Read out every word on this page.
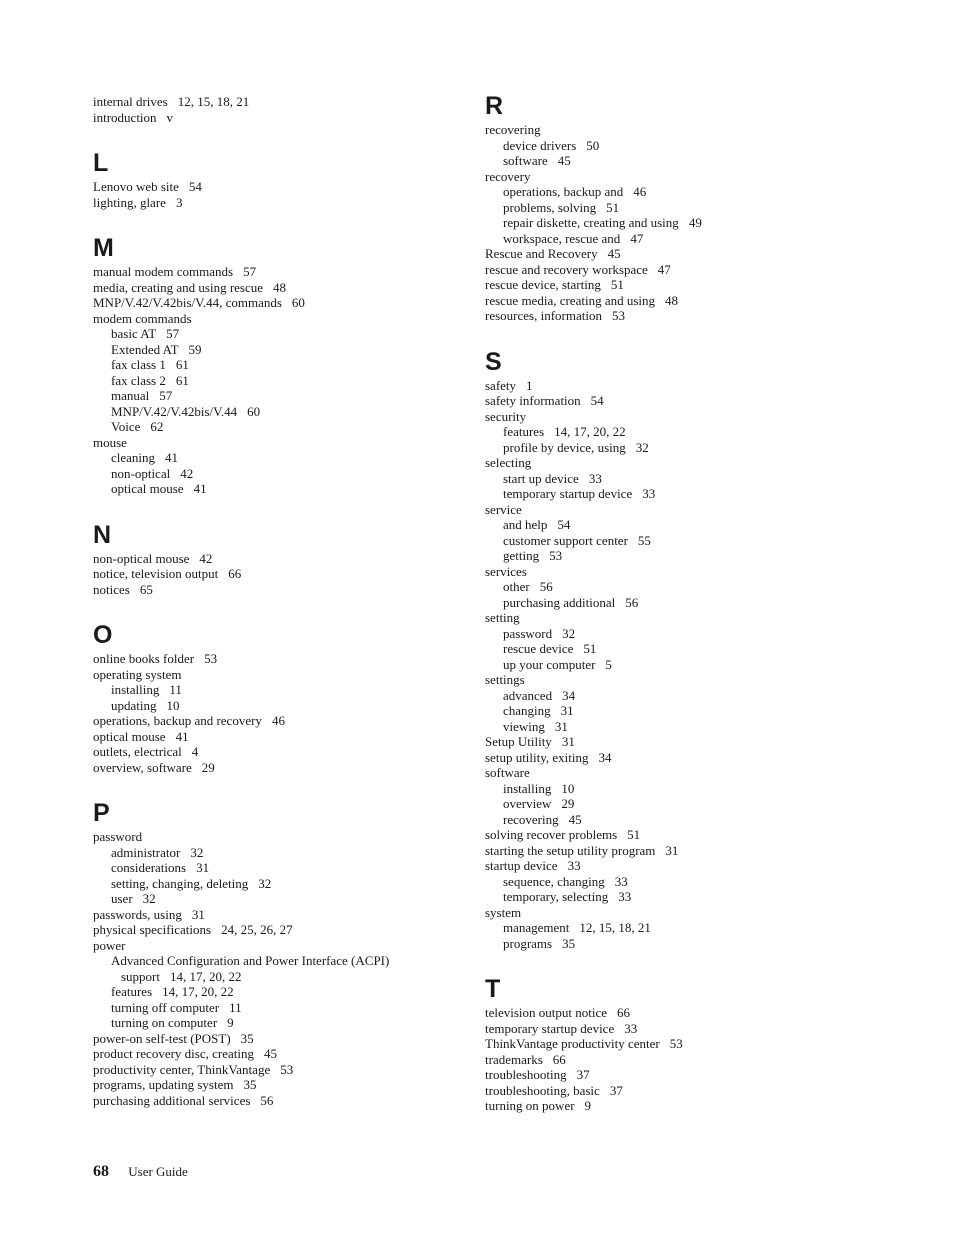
internal drives 12, 15, 18, 21
introduction v
L
Lenovo web site 54
lighting, glare 3
M
manual modem commands 57
media, creating and using rescue 48
MNP/V.42/V.42bis/V.44, commands 60
modem commands
basic AT 57
Extended AT 59
fax class 1 61
fax class 2 61
manual 57
MNP/V.42/V.42bis/V.44 60
Voice 62
mouse
cleaning 41
non-optical 42
optical mouse 41
N
non-optical mouse 42
notice, television output 66
notices 65
O
online books folder 53
operating system
installing 11
updating 10
operations, backup and recovery 46
optical mouse 41
outlets, electrical 4
overview, software 29
P
password
administrator 32
considerations 31
setting, changing, deleting 32
user 32
passwords, using 31
physical specifications 24, 25, 26, 27
power
Advanced Configuration and Power Interface (ACPI)
support 14, 17, 20, 22
features 14, 17, 20, 22
turning off computer 11
turning on computer 9
power-on self-test (POST) 35
product recovery disc, creating 45
productivity center, ThinkVantage 53
programs, updating system 35
purchasing additional services 56
R
recovering
device drivers 50
software 45
recovery
operations, backup and 46
problems, solving 51
repair diskette, creating and using 49
workspace, rescue and 47
Rescue and Recovery 45
rescue and recovery workspace 47
rescue device, starting 51
rescue media, creating and using 48
resources, information 53
S
safety 1
safety information 54
security
features 14, 17, 20, 22
profile by device, using 32
selecting
start up device 33
temporary startup device 33
service
and help 54
customer support center 55
getting 53
services
other 56
purchasing additional 56
setting
password 32
rescue device 51
up your computer 5
settings
advanced 34
changing 31
viewing 31
Setup Utility 31
setup utility, exiting 34
software
installing 10
overview 29
recovering 45
solving recover problems 51
starting the setup utility program 31
startup device 33
sequence, changing 33
temporary, selecting 33
system
management 12, 15, 18, 21
programs 35
T
television output notice 66
temporary startup device 33
ThinkVantage productivity center 53
trademarks 66
troubleshooting 37
troubleshooting, basic 37
turning on power 9
68 User Guide
